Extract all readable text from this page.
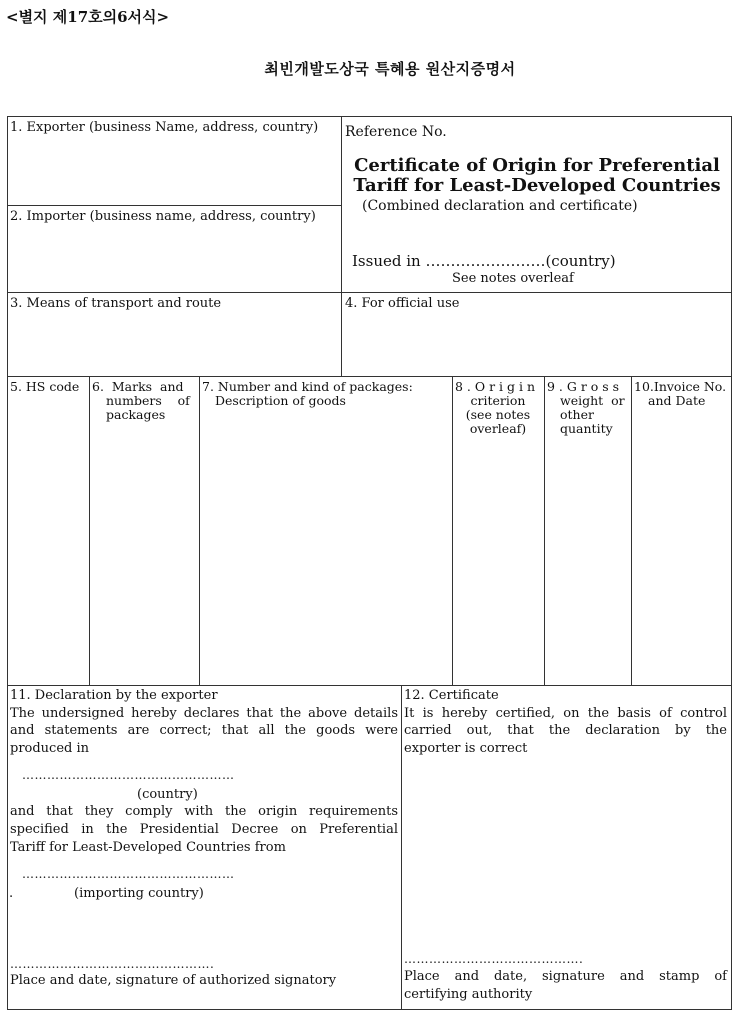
<별지 제17호의6서식>
최빈개발도상국 특혜용 원산지증명서
1. Exporter (business Name, address, country)
2. Importer (business name, address, country)
Reference No.
Certificate of Origin for Preferential
Tariff for Least-Developed Countries
(Combined declaration and certificate)
Issued in ……………………(country)
See notes overleaf
3. Means of transport and route	4. For official use
5. HS code 6.  Marks  and
numbers    of
packages
7. Number and kind of packages:
Description of goods
8 . O r i g i n
criterion
(see notes
overleaf)
9 . G r o s s
weight  or
other
quantity
10.Invoice No.
and Date
11. Declaration by the exporter
The undersigned hereby declares that the above details
and statements are correct; that all the goods were
produced in
……………………………………………
(country)
and that they comply with the origin requirements
specified in the Presidential Decree on Preferential
Tariff for Least-Developed Countries from
……………………………………………
.	(importing country)
………………………………………….
Place and date, signature of authorized signatory
12. Certificate
It is hereby certified, on the basis of control
carried out, that the declaration by the
exporter is correct
…………………………………….
Place and date, signature and stamp of
certifying authority
